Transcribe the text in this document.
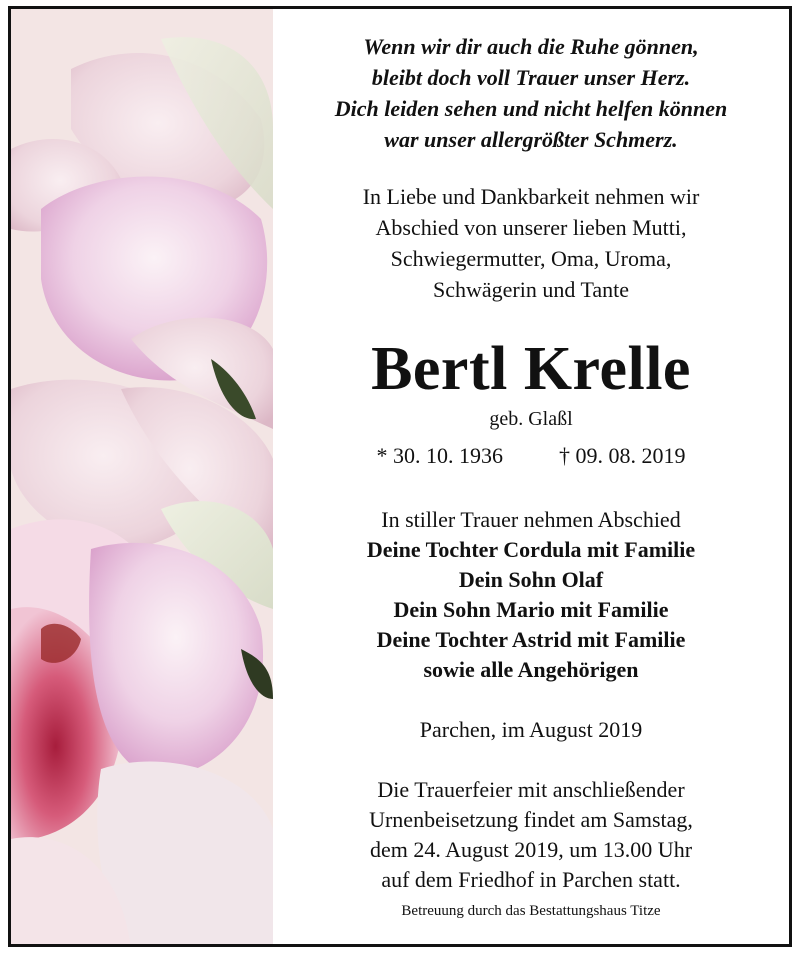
Wenn wir dir auch die Ruhe gönnen,
bleibt doch voll Trauer unser Herz.
Dich leiden sehen und nicht helfen können
war unser allergrößter Schmerz.
In Liebe und Dankbarkeit nehmen wir
Abschied von unserer lieben Mutti,
Schwiegermutter, Oma, Uroma,
Schwägerin und Tante
Bertl Krelle
geb. Glaßl
* 30. 10. 1936	† 09. 08. 2019
In stiller Trauer nehmen Abschied
Deine Tochter Cordula mit Familie
Dein Sohn Olaf
Dein Sohn Mario mit Familie
Deine Tochter Astrid mit Familie
sowie alle Angehörigen
Parchen, im August 2019
Die Trauerfeier mit anschließender
Urnenbeisetzung findet am Samstag,
dem 24. August 2019, um 13.00 Uhr
auf dem Friedhof in Parchen statt.
Betreuung durch das Bestattungshaus Titze
